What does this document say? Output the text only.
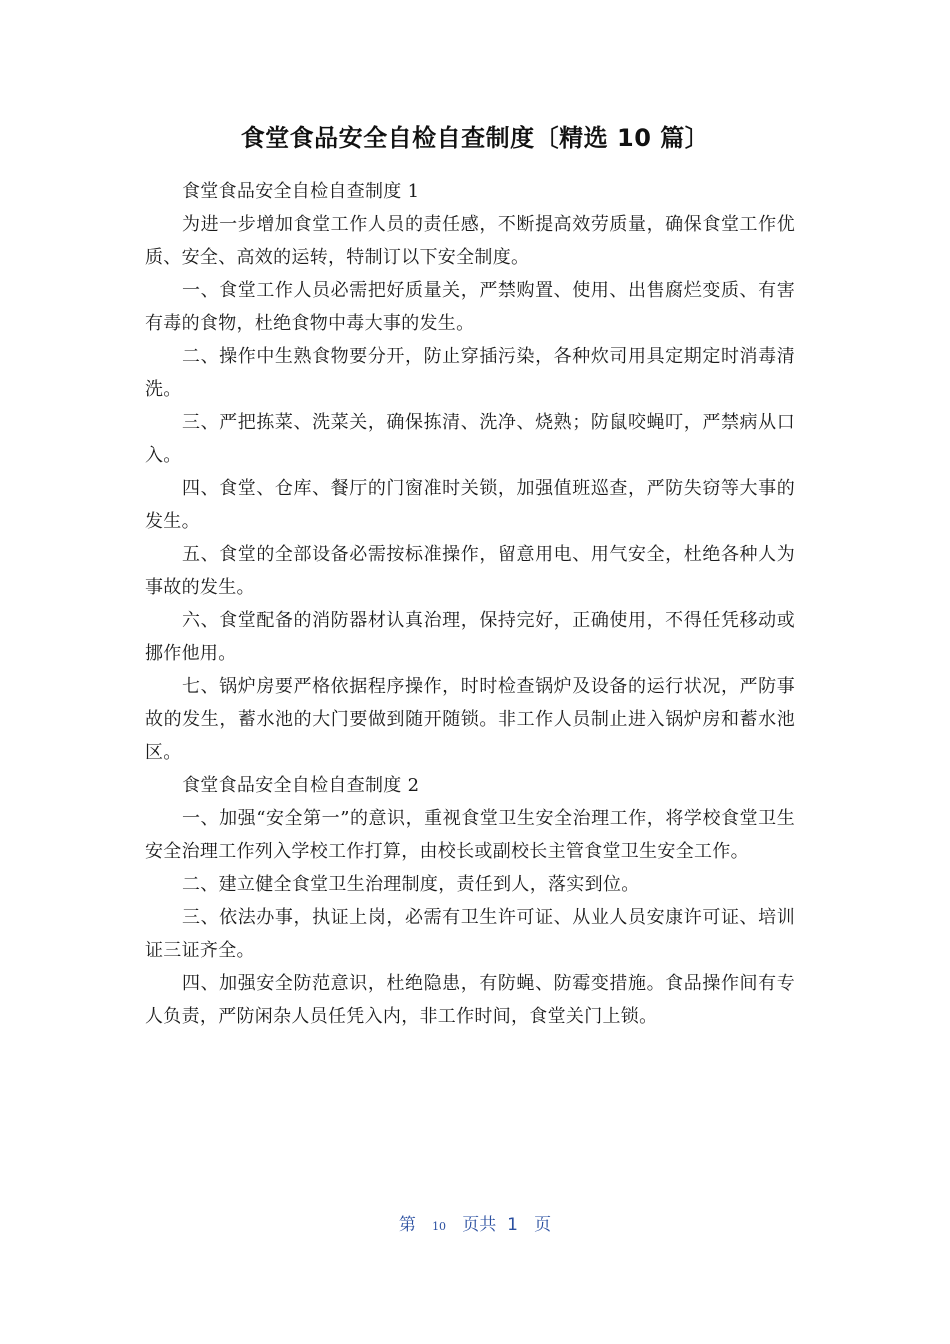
食堂食品安全自检自查制度〔精选 10 篇〕

食堂食品安全自检自查制度 1

为进一步增加食堂工作人员的责任感，不断提高效劳质量，确保食堂工作优质、安全、高效的运转，特制订以下安全制度。

一、食堂工作人员必需把好质量关，严禁购置、使用、出售腐烂变质、有害有毒的食物，杜绝食物中毒大事的发生。

二、操作中生熟食物要分开，防止穿插污染，各种炊司用具定期定时消毒清洗。

三、严把拣菜、洗菜关，确保拣清、洗净、烧熟；防鼠咬蝇叮，严禁病从口入。

四、食堂、仓库、餐厅的门窗准时关锁，加强值班巡查，严防失窃等大事的发生。

五、食堂的全部设备必需按标准操作，留意用电、用气安全，杜绝各种人为事故的发生。

六、食堂配备的消防器材认真治理，保持完好，正确使用，不得任凭移动或挪作他用。

七、锅炉房要严格依据程序操作，时时检查锅炉及设备的运行状况，严防事故的发生，蓄水池的大门要做到随开随锁。非工作人员制止进入锅炉房和蓄水池区。

食堂食品安全自检自查制度 2

一、加强“安全第一”的意识，重视食堂卫生安全治理工作，将学校食堂卫生安全治理工作列入学校工作打算，由校长或副校长主管食堂卫生安全工作。

二、建立健全食堂卫生治理制度，责任到人，落实到位。

三、依法办事，执证上岗，必需有卫生许可证、从业人员安康许可证、培训证三证齐全。

四、加强安全防范意识，杜绝隐患，有防蝇、防霉变措施。食品操作间有专人负责，严防闲杂人员任凭入内，非工作时间，食堂关门上锁。

第 10 页共 1 页
